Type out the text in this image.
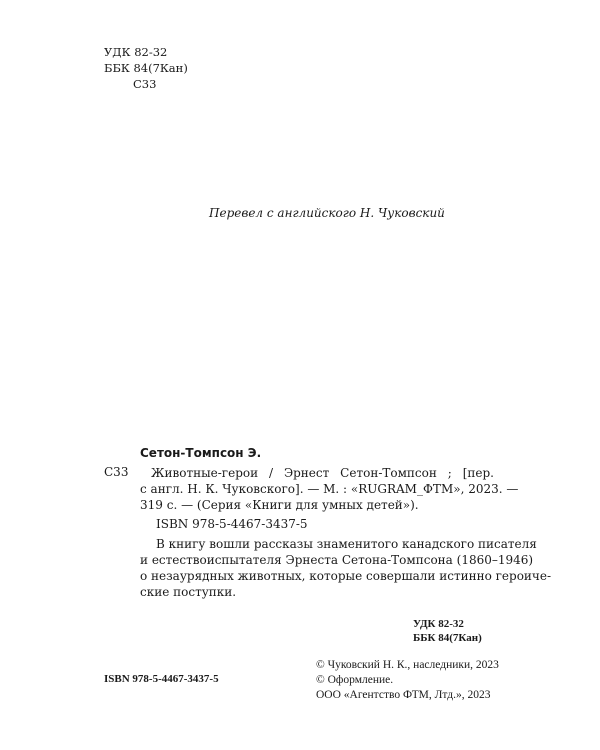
УДК 82-32
ББК 84(7Кан)
С33
Перевел с английского Н. Чуковский
Сетон-Томпсон Э.
С33 Животные-герои / Эрнест Сетон-Томпсон ; [пер.
с англ. Н. К. Чуковского]. — М. : «RUGRAM_ФТМ», 2023. —
319 с. — (Серия «Книги для умных детей»).
ISBN 978-5-4467-3437-5
В книгу вошли рассказы знаменитого канадского писателя
и естествоиспытателя Эрнеста Сетона-Томпсона (1860–1946)
о незаурядных животных, которые совершали истинно героиче-
ские поступки.
УДК 82-32
ББК 84(7Кан)
© Чуковский Н. К., наследники, 2023
© Оформление.
ООО «Агентство ФТМ, Лтд.», 2023
ISBN 978-5-4467-3437-5
